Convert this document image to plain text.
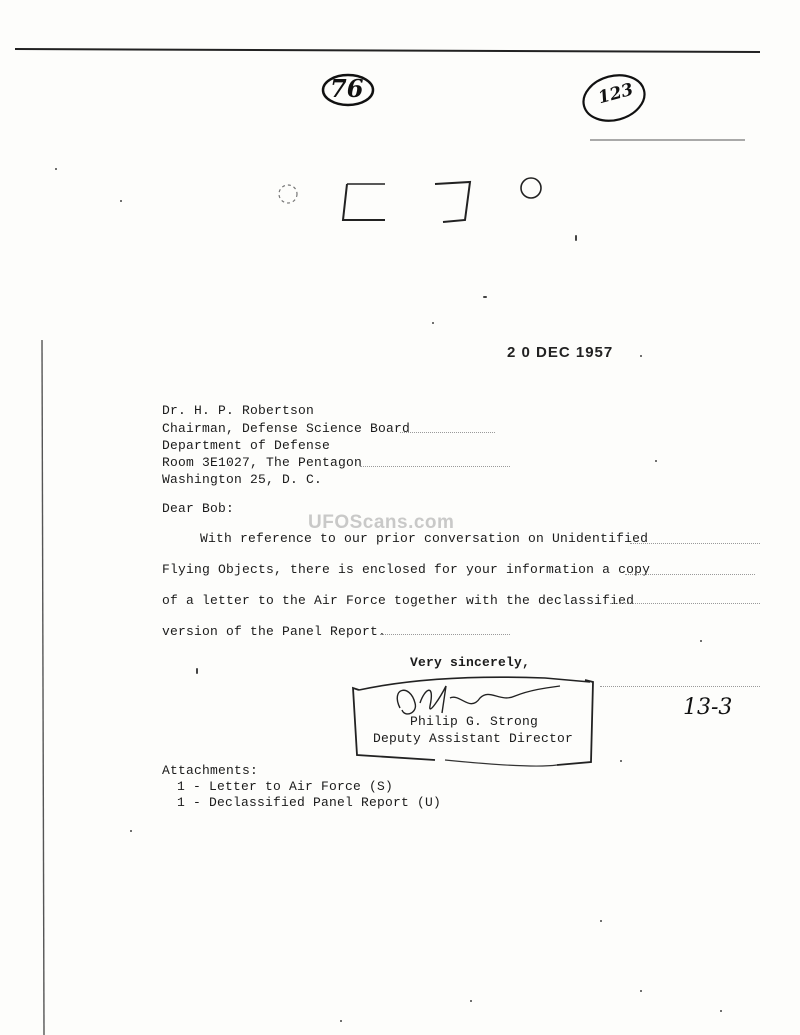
76	123
2 0 DEC 1957
Dr. H. P. Robertson
Chairman, Defense Science Board
Department of Defense
Room 3E1027, The Pentagon
Washington 25, D. C.
Dear Bob:
UFOScans.com
With reference to our prior conversation on Unidentified
Flying Objects, there is enclosed for your information a copy
of a letter to the Air Force together with the declassified
version of the Panel Report.
Very sincerely,
Philip G. Strong
Deputy Assistant Director
13-3
Attachments:
1 - Letter to Air Force (S)
1 - Declassified Panel Report (U)
